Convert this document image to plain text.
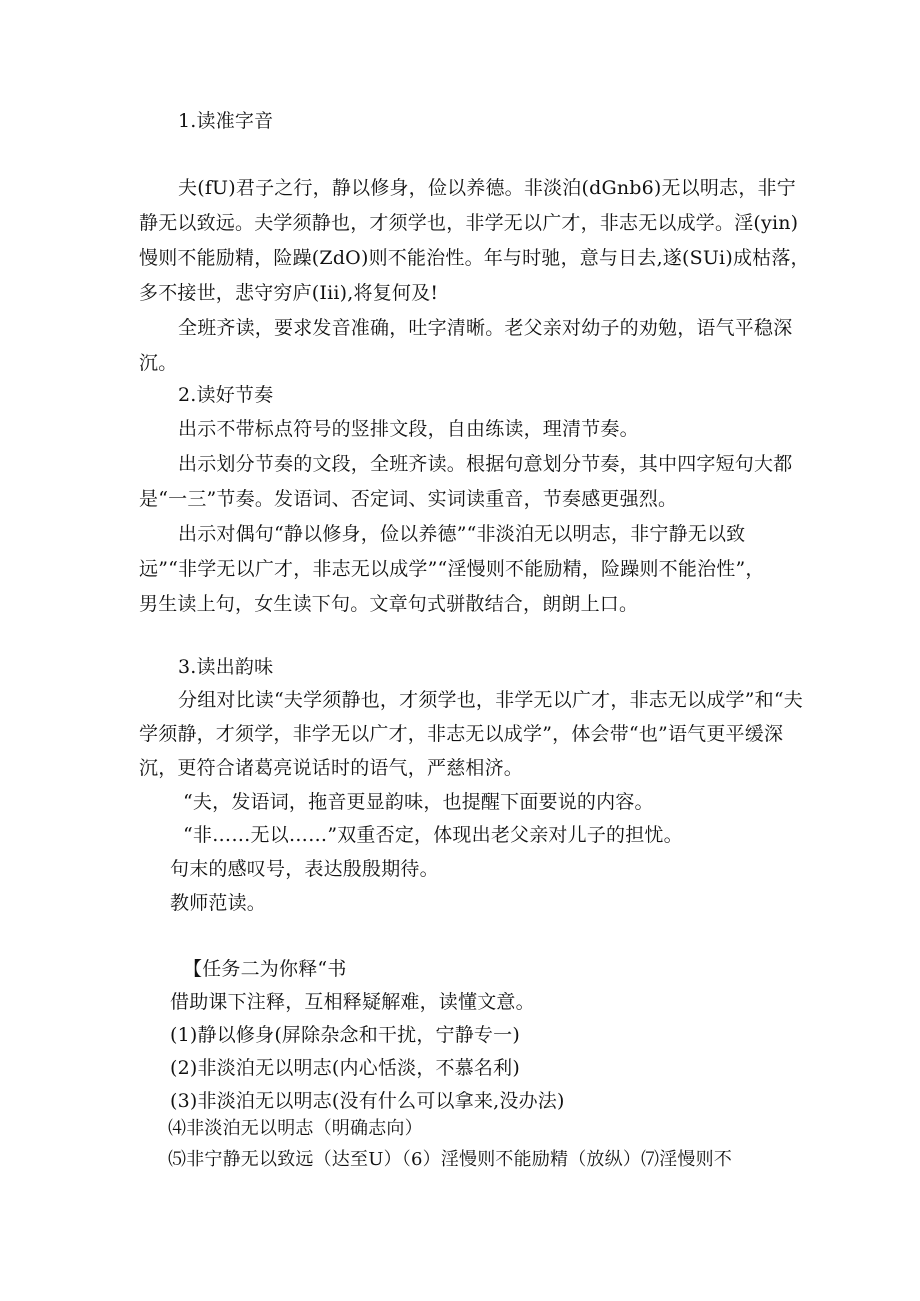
1.读准字音
夫(fU)君子之行，静以修身，俭以养德。非淡泊(dGnb6)无以明志，非宁
静无以致远。夫学须静也，才须学也，非学无以广才，非志无以成学。淫(yin)
慢则不能励精，险躁(ZdO)则不能治性。年与时驰，意与日去,遂(SUi)成枯落，
多不接世，悲守穷庐(Iii),将复何及!
全班齐读，要求发音准确，吐字清晰。老父亲对幼子的劝勉，语气平稳深
沉。
2.读好节奏
出示不带标点符号的竖排文段，自由练读，理清节奏。
出示划分节奏的文段，全班齐读。根据句意划分节奏，其中四字短句大都
是“一三”节奏。发语词、否定词、实词读重音，节奏感更强烈。
出示对偶句“静以修身，俭以养德”“非淡泊无以明志，非宁静无以致
远”“非学无以广才，非志无以成学”“淫慢则不能励精，险躁则不能治性”，
男生读上句，女生读下句。文章句式骈散结合，朗朗上口。
3.读出韵味
分组对比读“夫学须静也，才须学也，非学无以广才，非志无以成学”和“夫
学须静，才须学，非学无以广才，非志无以成学”，体会带“也”语气更平缓深
沉，更符合诸葛亮说话时的语气，严慈相济。
“夫，发语词，拖音更显韵味，也提醒下面要说的内容。
“非……无以……”双重否定，体现出老父亲对儿子的担忧。
句末的感叹号，表达殷殷期待。
教师范读。
【任务二为你释“书
借助课下注释，互相释疑解难，读懂文意。
(1)静以修身(屏除杂念和干扰，宁静专一)
(2)非淡泊无以明志(内心恬淡，不慕名利)
(3)非淡泊无以明志(没有什么可以拿来,没办法)
⑷非淡泊无以明志（明确志向）
⑸非宁静无以致远（达至U）（6）淫慢则不能励精（放纵）⑺淫慢则不
